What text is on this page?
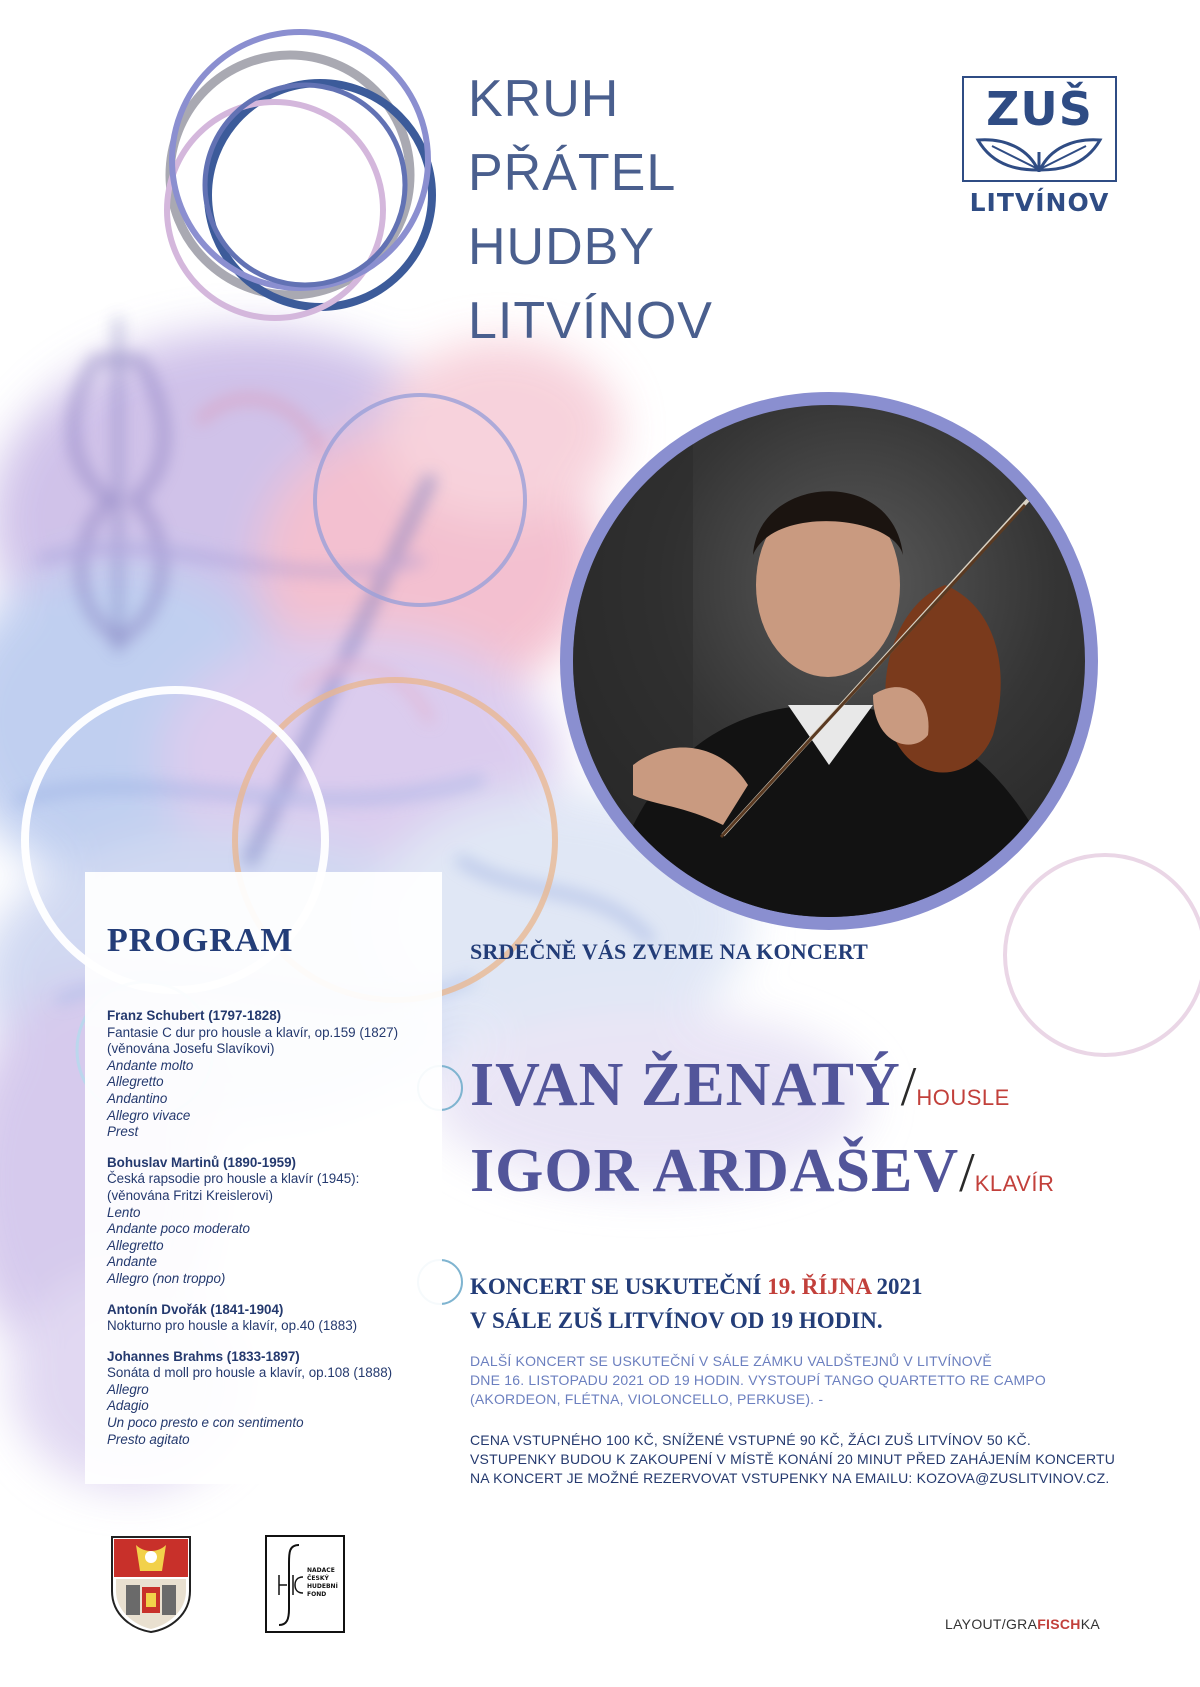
KRUH

PŘÁTEL

HUDBY

LITVÍNOV

ZUŠ
LITVÍNOV
PROGRAM
Franz Schubert (1797-1828)
Fantasie C dur pro housle a klavír, op.159 (1827)
(věnována Josefu Slavíkovi)
Andante molto
Allegretto
Andantino
Allegro vivace
Prest
Bohuslav Martinů (1890-1959)
Česká rapsodie pro housle a klavír (1945):
(věnována Fritzi Kreislerovi)
Lento
Andante poco moderato
Allegretto
Andante
Allegro (non troppo)
Antonín Dvořák (1841-1904)
Nokturno pro housle a klavír, op.40 (1883)
Johannes Brahms (1833-1897)
Sonáta d moll pro housle a klavír, op.108 (1888)
Allegro
Adagio
Un poco presto e con sentimento
Presto agitato
SRDEČNĚ VÁS ZVEME NA KONCERT
IVAN ŽENATÝ/HOUSLE
IGOR ARDAŠEV/KLAVÍR
KONCERT SE USKUTEČNÍ 19. ŘÍJNA 2021
V SÁLE ZUŠ LITVÍNOV OD 19 HODIN.
DALŠÍ KONCERT SE USKUTEČNÍ V SÁLE ZÁMKU VALDŠTEJNŮ V LITVÍNOVĚ
DNE 16. LISTOPADU 2021 OD 19 HODIN. VYSTOUPÍ TANGO QUARTETTO RE CAMPO
(AKORDEON, FLÉTNA, VIOLONCELLO, PERKUSE). -
CENA VSTUPNÉHO 100 KČ, SNÍŽENÉ VSTUPNÉ 90 KČ, ŽÁCI ZUŠ LITVÍNOV 50 KČ.
VSTUPENKY BUDOU K ZAKOUPENÍ V MÍSTĚ KONÁNÍ 20 MINUT PŘED ZAHÁJENÍM KONCERTU
NA KONCERT JE MOŽNÉ REZERVOVAT VSTUPENKY NA EMAILU: KOZOVA@ZUSLITVINOV.CZ.
NADACE
ČESKÝ
HUDEBNÍ
FOND
LAYOUT/GRAFISCHKA
